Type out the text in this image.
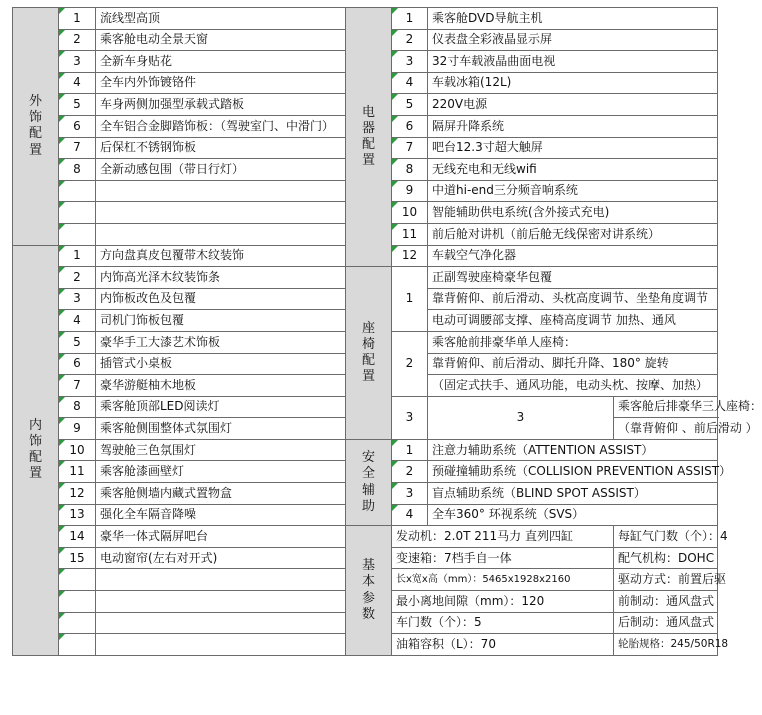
外饰配置	1	流线型高顶	电器配置	1	乘客舱DVD导航主机	
	2	乘客舱电动全景天窗		2	仪表盘全彩液晶显示屏	
	3	全新车身贴花		3	32寸车载液晶曲面电视	
	4	全车内外饰镀铬件		4	车载冰箱(12L)	
	5	车身两侧加强型承载式踏板		5	220V电源	
	6	全车铝合金脚踏饰板：（驾驶室门、中滑门）		6	隔屏升降系统	
	7	后保杠不锈钢饰板		7	吧台12.3寸超大触屏	
	8	全新动感包围（带日行灯）		8	无线充电和无线wifi	
				9	中道hi-end三分频音响系统	
				10	智能辅助供电系统(含外接式充电)	
				11	前后舱对讲机（前后舱无线保密对讲系统）	
内饰配置	1	方向盘真皮包覆带木纹装饰		12	车载空气净化器	
	2	内饰高光泽木纹装饰条	座椅配置	1	正副驾驶座椅豪华包覆	
	3	内饰板改色及包覆			靠背俯仰、前后滑动、头枕高度调节、坐垫角度调节	
	4	司机门饰板包覆			电动可调腰部支撑、座椅高度调节 加热、通风	
	5	豪华手工大漆艺术饰板		2	乘客舱前排豪华单人座椅：	
	6	插管式小桌板			靠背俯仰、前后滑动、脚托升降、180° 旋转	
	7	豪华游艇柚木地板			（固定式扶手、通风功能，电动头枕、按摩、加热）	
	8	乘客舱顶部LED阅读灯		3	3	乘客舱后排豪华三人座椅：
	9	乘客舱侧围整体式氛围灯				（靠背俯仰 、前后滑动 ）
	10	驾驶舱三色氛围灯	安全辅助	1	注意力辅助系统（ATTENTION ASSIST）	
	11	乘客舱漆画壁灯		2	预碰撞辅助系统（COLLISION PREVENTION ASSIST）	
	12	乘客舱侧墙内藏式置物盒		3	盲点辅助系统（BLIND SPOT ASSIST）	
	13	强化全车隔音降噪		4	全车360° 环视系统（SVS）	
	14	豪华一体式隔屏吧台	基本参数	发动机：2.0T 211马力 直列四缸		每缸气门数（个）：4
	15	电动窗帘(左右对开式)		变速箱：7档手自一体		配气机构：DOHC
				长x宽x高（mm）：5465x1928x2160		驱动方式：前置后驱
				最小离地间隙（mm）：120		前制动：通风盘式
				车门数（个）：5		后制动：通风盘式
				油箱容积（L）：70		轮胎规格：245/50R18
